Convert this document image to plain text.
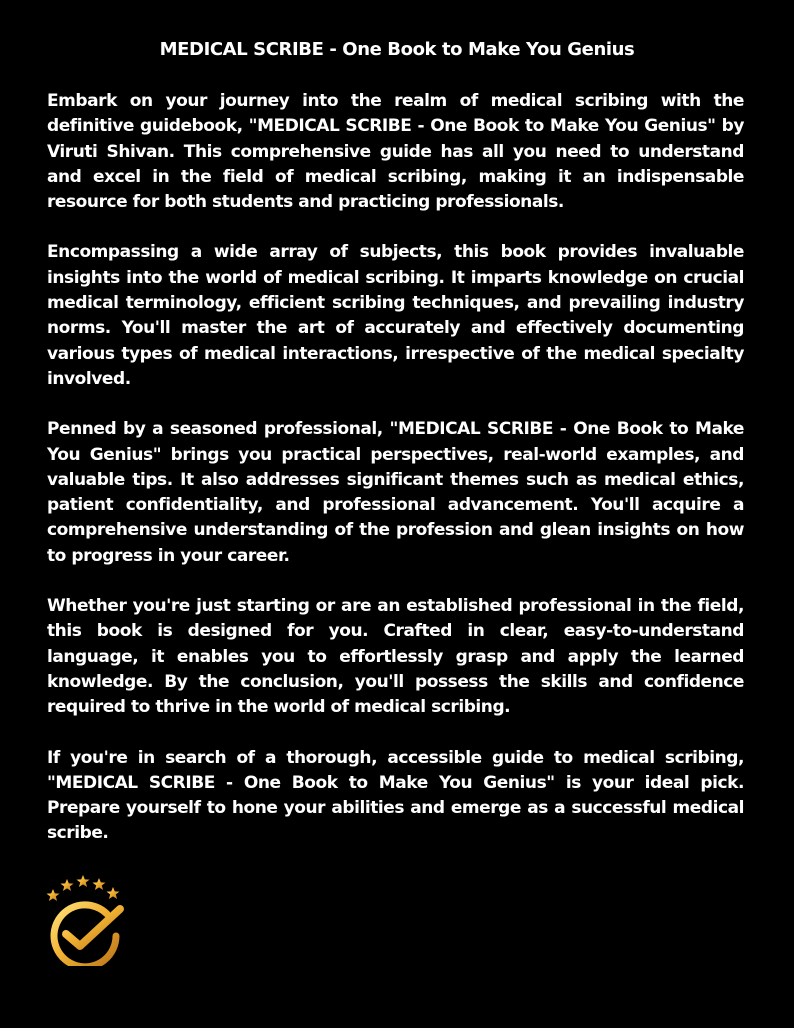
MEDICAL SCRIBE - One Book to Make You Genius

Embark on your journey into the realm of medical scribing with the definitive guidebook, "MEDICAL SCRIBE - One Book to Make You Genius" by Viruti Shivan. This comprehensive guide has all you need to understand and excel in the field of medical scribing, making it an indispensable resource for both students and practicing professionals.

Encompassing a wide array of subjects, this book provides invaluable insights into the world of medical scribing. It imparts knowledge on crucial medical terminology, efficient scribing techniques, and prevailing industry norms. You'll master the art of accurately and effectively documenting various types of medical interactions, irrespective of the medical specialty involved.

Penned by a seasoned professional, "MEDICAL SCRIBE - One Book to Make You Genius" brings you practical perspectives, real-world examples, and valuable tips. It also addresses significant themes such as medical ethics, patient confidentiality, and professional advancement. You'll acquire a comprehensive understanding of the profession and glean insights on how to progress in your career.

Whether you're just starting or are an established professional in the field, this book is designed for you. Crafted in clear, easy-to-understand language, it enables you to effortlessly grasp and apply the learned knowledge. By the conclusion, you'll possess the skills and confidence required to thrive in the world of medical scribing.

If you're in search of a thorough, accessible guide to medical scribing, "MEDICAL SCRIBE - One Book to Make You Genius" is your ideal pick. Prepare yourself to hone your abilities and emerge as a successful medical scribe.
